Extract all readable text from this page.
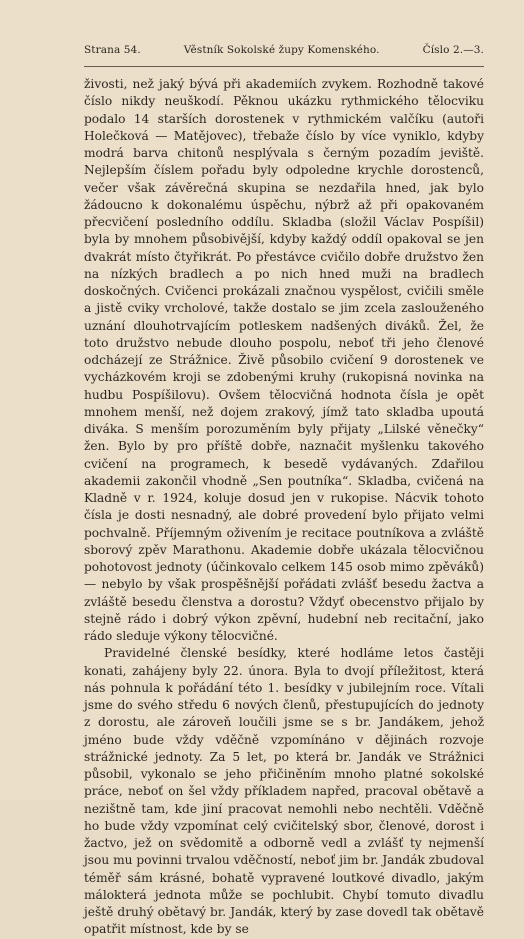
Strana 54.	Věstník Sokolské župy Komenského.	Číslo 2.—3.

živosti, než jaký bývá při akademiích zvykem. Rozhodně takové číslo nikdy neuškodí. Pěknou ukázku rythmického tělocviku podalo 14 starších dorostenek v rythmickém valčíku (autoři Holečková — Matějovec), třebaže číslo by více vyniklo, kdyby modrá barva chitonů nesplývala s černým pozadím jeviště. Nejlepším číslem pořadu byly odpoledne krychle dorostenců, večer však závěrečná skupina se nezdařila hned, jak bylo žádoucno k dokonalému úspěchu, nýbrž až při opakovaném přecvičení posledního oddílu. Skladba (složil Václav Pospíšil) byla by mnohem působivější, kdyby každý oddíl opakoval se jen dvakrát místo čtyřikrát. Po přestávce cvičilo dobře družstvo žen na nízkých bradlech a po nich hned muži na bradlech doskočných. Cvičenci prokázali značnou vyspělost, cvičili směle a jistě cviky vrcholové, takže dostalo se jim zcela zaslouženého uznání dlouhotrvajícím potleskem nadšených diváků. Žel, že toto družstvo nebude dlouho pospolu, neboť tři jeho členové odcházejí ze Strážnice. Živě působilo cvičení 9 dorostenek ve vycházkovém kroji se zdobenými kruhy (rukopisná novinka na hudbu Pospíšilovu). Ovšem tělocvičná hodnota čísla je opět mnohem menší, než dojem zrakový, jímž tato skladba upoutá diváka. S menším porozuměním byly přijaty „Lilské věnečky“ žen. Bylo by pro příště dobře, naznačit myšlenku takového cvičení na programech, k besedě vydávaných. Zdařilou akademii zakončil vhodně „Sen poutníka“. Skladba, cvičená na Kladně v r. 1924, koluje dosud jen v rukopise. Nácvik tohoto čísla je dosti nesnadný, ale dobré provedení bylo přijato velmi pochvalně. Příjemným oživením je recitace poutníkova a zvláště sborový zpěv Marathonu. Akademie dobře ukázala tělocvičnou pohotovost jednoty (účinkovalo celkem 145 osob mimo zpěváků) — nebylo by však prospěšnější pořádati zvlášť besedu žactva a zvláště besedu členstva a dorostu? Vždyť obecenstvo přijalo by stejně rádo i dobrý výkon zpěvní, hudební neb recitační, jako rádo sleduje výkony tělocvičné.

Pravidelné členské besídky, které hodláme letos častěji konati, zahájeny byly 22. února. Byla to dvojí příležitost, která nás pohnula k pořádání této 1. besídky v jubilejním roce. Vítali jsme do svého středu 6 nových členů, přestupujících do jednoty z dorostu, ale zároveň loučili jsme se s br. Jandákem, jehož jméno bude vždy vděčně vzpomínáno v dějinách rozvoje strážnické jednoty. Za 5 let, po která br. Jandák ve Strážnici působil, vykonalo se jeho přičiněním mnoho platné sokolské práce, neboť on šel vždy příkladem napřed, pracoval obětavě a nezištně tam, kde jiní pracovat nemohli nebo nechtěli. Vděčně ho bude vždy vzpomínat celý cvičitelský sbor, členové, dorost i žactvo, jež on svědomitě a odborně vedl a zvlášť ty nejmenší jsou mu povinni trvalou vděčností, neboť jim br. Jandák zbudoval téměř sám krásné, bohatě vypravené loutkové divadlo, jakým málokterá jednota může se pochlubit. Chybí tomuto divadlu ještě druhý obětavý br. Jandák, který by zase dovedl tak obětavě opatřit místnost, kde by se
